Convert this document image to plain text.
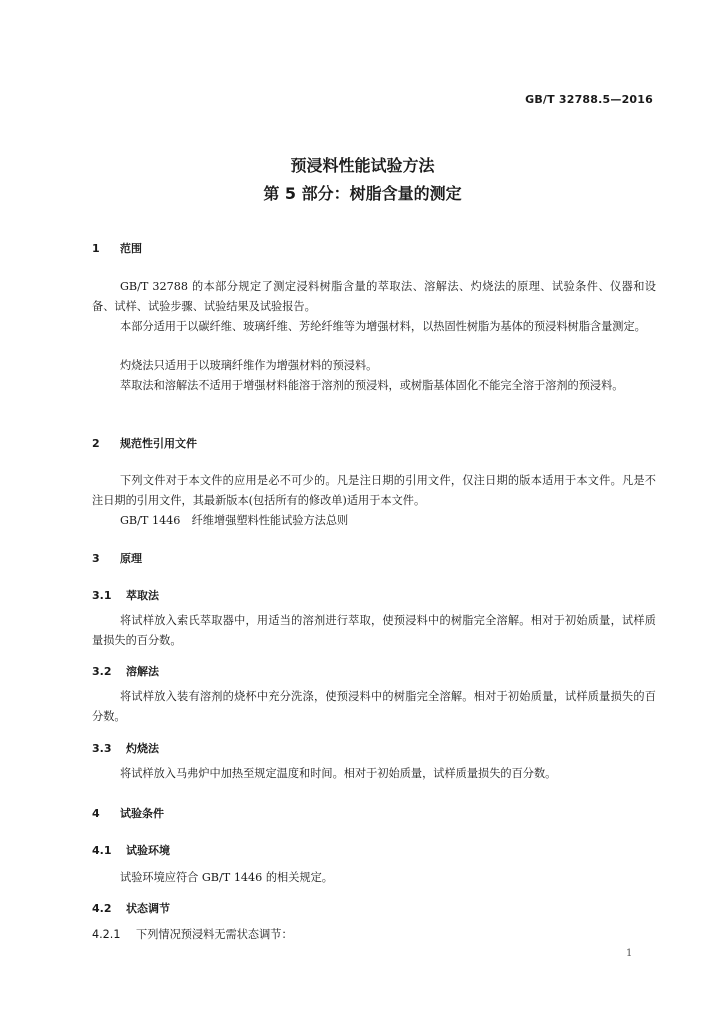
GB/T 32788.5—2016
预浸料性能试验方法
第 5 部分：树脂含量的测定
1 范围

GB/T 32788 的本部分规定了测定浸料树脂含量的萃取法、溶解法、灼烧法的原理、试验条件、仪器和设备、试样、试验步骤、试验结果及试验报告。

本部分适用于以碳纤维、玻璃纤维、芳纶纤维等为增强材料，以热固性树脂为基体的预浸料树脂含量测定。

灼烧法只适用于以玻璃纤维作为增强材料的预浸料。

萃取法和溶解法不适用于增强材料能溶于溶剂的预浸料，或树脂基体固化不能完全溶于溶剂的预浸料。

2 规范性引用文件

下列文件对于本文件的应用是必不可少的。凡是注日期的引用文件，仅注日期的版本适用于本文件。凡是不注日期的引用文件，其最新版本(包括所有的修改单)适用于本文件。

GB/T 1446　纤维增强塑料性能试验方法总则

3 原理
3.1 萃取法

将试样放入索氏萃取器中，用适当的溶剂进行萃取，使预浸料中的树脂完全溶解。相对于初始质量，试样质量损失的百分数。

3.2 溶解法

将试样放入装有溶剂的烧杯中充分洗涤，使预浸料中的树脂完全溶解。相对于初始质量，试样质量损失的百分数。

3.3 灼烧法

将试样放入马弗炉中加热至规定温度和时间。相对于初始质量，试样质量损失的百分数。

4 试验条件
4.1 试验环境

试验环境应符合 GB/T 1446 的相关规定。

4.2 状态调节
4.2.1 下列情况预浸料无需状态调节：
1
